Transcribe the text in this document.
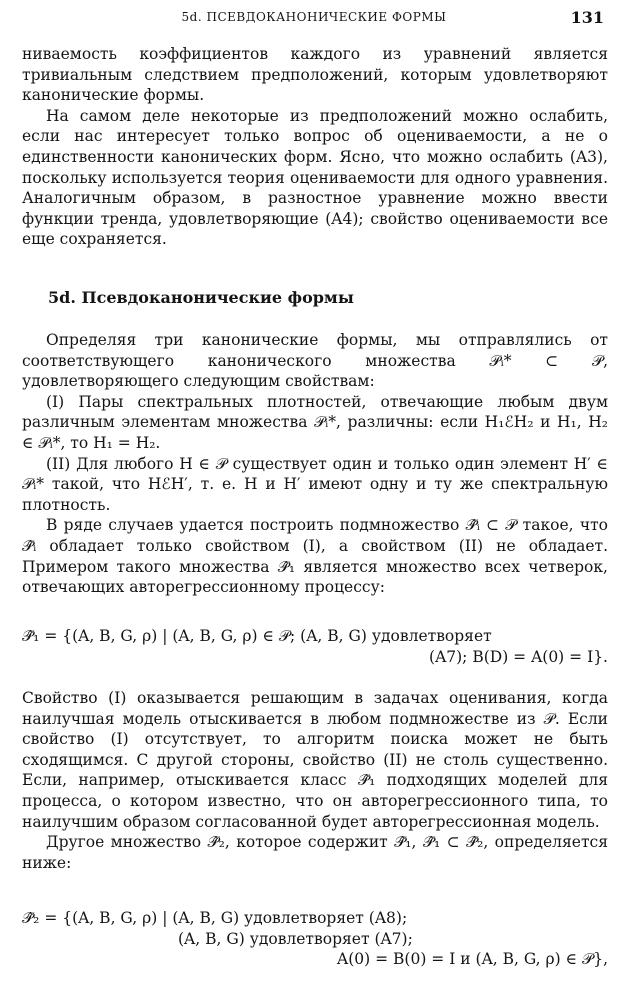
5d. ПСЕВДОКАНОНИЧЕСКИЕ ФОРМЫ	131

ниваемость коэффициентов каждого из уравнений является тривиальным следствием предположений, которым удовлетворяют канонические формы.

На самом деле некоторые из предположений можно ослабить, если нас интересует только вопрос об оцениваемости, а не о единственности канонических форм. Ясно, что можно ослабить (A3), поскольку используется теория оцениваемости для одного уравнения. Аналогичным образом, в разностное уравнение можно ввести функции тренда, удовлетворяющие (A4); свойство оцениваемости все еще сохраняется.

5d. Псевдоканонические формы

Определяя три канонические формы, мы отправлялись от соответствующего канонического множества 𝒫ᵢ* ⊂ 𝒫, удовлетворяющего следующим свойствам:

(I) Пары спектральных плотностей, отвечающие любым двум различным элементам множества 𝒫ᵢ*, различны: если H₁ℰH₂ и H₁, H₂ ∈ 𝒫ᵢ*, то H₁ = H₂.

(II) Для любого H ∈ 𝒫 существует один и только один элемент H′ ∈ 𝒫ᵢ* такой, что HℰH′, т. е. H и H′ имеют одну и ту же спектральную плотность.

В ряде случаев удается построить подмножество 𝒫̂ᵢ ⊂ 𝒫 такое, что 𝒫̂ᵢ обладает только свойством (I), а свойством (II) не обладает. Примером такого множества 𝒫̂₁ является множество всех четверок, отвечающих авторегрессионному процессу:

𝒫̂₁ = {(A, B, G, ρ) | (A, B, G, ρ) ∈ 𝒫; (A, B, G) удовлетворяет

(A7); B(D) = A(0) = I}.

Свойство (I) оказывается решающим в задачах оценивания, когда наилучшая модель отыскивается в любом подмножестве из 𝒫. Если свойство (I) отсутствует, то алгоритм поиска может не быть сходящимся. С другой стороны, свойство (II) не столь существенно. Если, например, отыскивается класс 𝒫̂₁ подходящих моделей для процесса, о котором известно, что он авторегрессионного типа, то наилучшим образом согласованной будет авторегрессионная модель.

Другое множество 𝒫̂₂, которое содержит 𝒫̂₁, 𝒫̂₁ ⊂ 𝒫̂₂, определяется ниже:

𝒫̂₂ = {(A, B, G, ρ) | (A, B, G) удовлетворяет (A8);

(A, B, G) удовлетворяет (A7);

A(0) = B(0) = I и (A, B, G, ρ) ∈ 𝒫},
